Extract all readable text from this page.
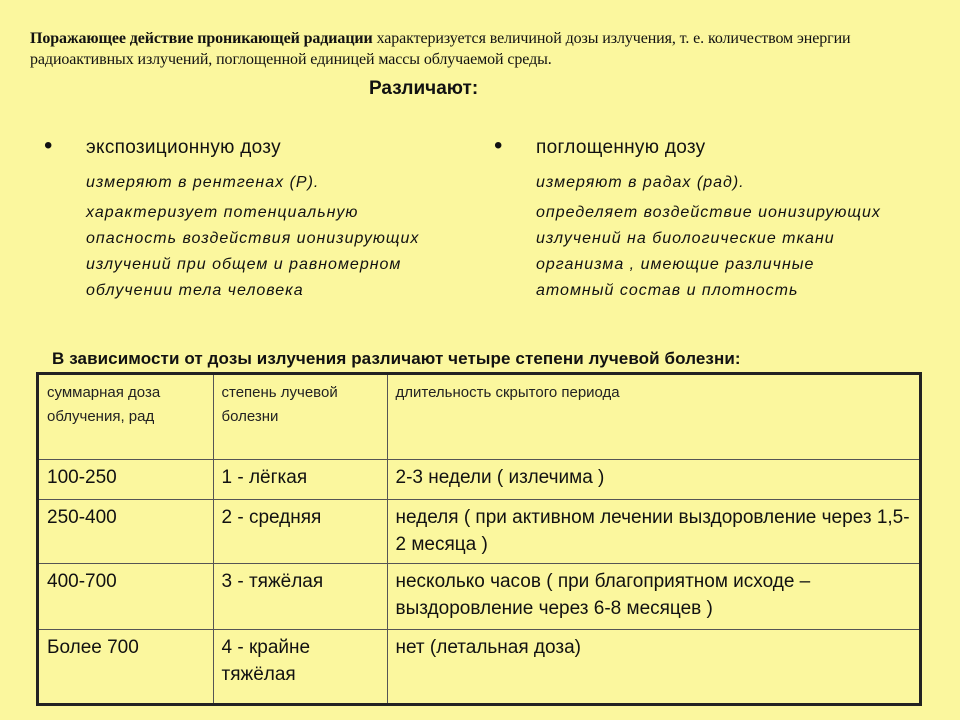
Поражающее действие проникающей радиации характеризуется величиной дозы излучения, т. е. количеством энергии радиоактивных излучений, поглощенной единицей массы облучаемой среды.
Различают:
•	экспозиционную дозу
измеряют в рентгенах (Р).
характеризует потенциальную
опасность воздействия ионизирующих
излучений при общем и равномерном
облучении тела человека
•	поглощенную дозу
измеряют в радах (рад).
определяет воздействие ионизирующих
излучений на биологические ткани
организма , имеющие различные
атомный состав и плотность
В зависимости от дозы излучения различают четыре степени лучевой болезни:
суммарная доза облучения, рад	степень лучевой болезни	длительность скрытого периода
100-250	1 - лёгкая	2-3 недели ( излечима )
250-400	2 - средняя	неделя ( при активном лечении выздоровление через 1,5-2 месяца )
400-700	3 - тяжёлая	несколько часов ( при благоприятном исходе – выздоровление через 6-8 месяцев )
Более 700	4 - крайне тяжёлая	нет (летальная доза)
